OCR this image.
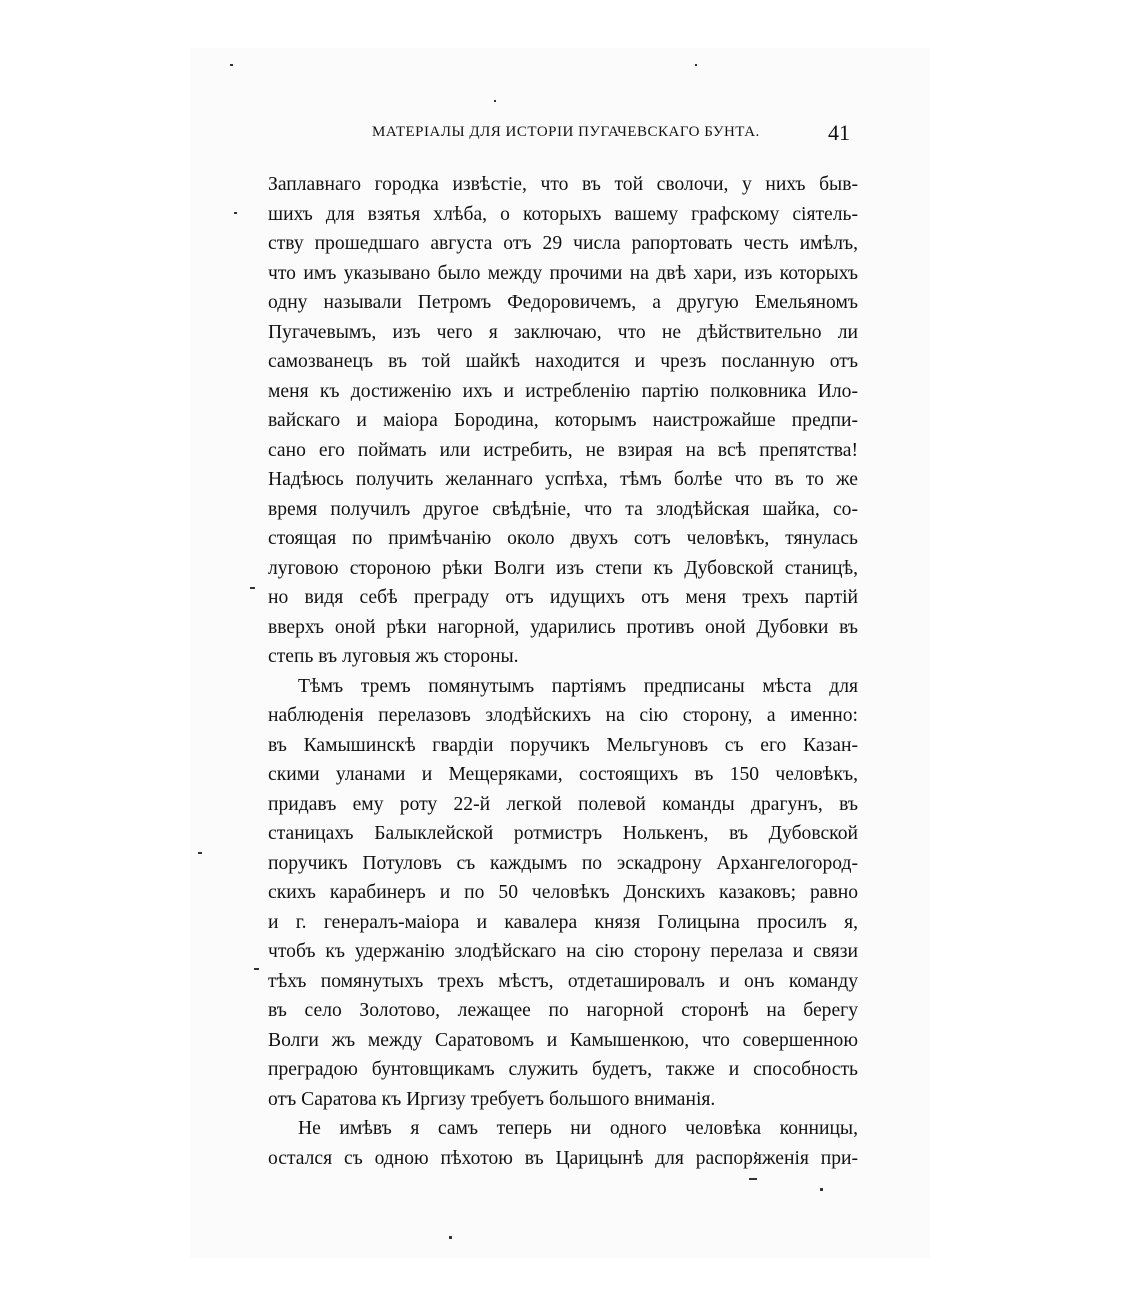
МАТЕРІАЛЫ ДЛЯ ИСТОРІИ ПУГАЧЕВСКАГО БУНТА.	41

Заплавнаго городка извѣстіе, что въ той сволочи, у нихъ быв-
шихъ для взятья хлѣба, о которыхъ вашему графскому сіятель-
ству прошедшаго августа отъ 29 числа рапортовать честь имѣлъ,
что имъ указывано было между прочими на двѣ хари, изъ которыхъ
одну называли Петромъ Федоровичемъ, а другую Емельяномъ
Пугачевымъ, изъ чего я заключаю, что не дѣйствительно ли
самозванецъ въ той шайкѣ находится и чрезъ посланную отъ
меня къ достиженію ихъ и истребленію партію полковника Ило-
вайскаго и маіора Бородина, которымъ наистрожайше предпи-
сано его поймать или истребить, не взирая на всѣ препятства!
Надѣюсь получить желаннаго успѣха, тѣмъ болѣе что въ то же
время получилъ другое свѣдѣніе, что та злодѣйская шайка, со-
стоящая по примѣчанію около двухъ сотъ человѣкъ, тянулась
луговою стороною рѣки Волги изъ степи къ Дубовской станицѣ,
но видя себѣ преграду отъ идущихъ отъ меня трехъ партій
вверхъ оной рѣки нагорной, ударились противъ оной Дубовки въ
степь въ луговыя жъ стороны.

Тѣмъ тремъ помянутымъ партіямъ предписаны мѣста для
наблюденія перелазовъ злодѣйскихъ на сію сторону, а именно:
въ Камышинскѣ гвардіи поручикъ Мельгуновъ съ его Казан-
скими уланами и Мещеряками, состоящихъ въ 150 человѣкъ,
придавъ ему роту 22-й легкой полевой команды драгунъ, въ
станицахъ Балыклейской ротмистръ Нолькенъ, въ Дубовской
поручикъ Потуловъ съ каждымъ по эскадрону Архангелогород-
скихъ карабинеръ и по 50 человѣкъ Донскихъ казаковъ; равно
и г. генералъ-маіора и кавалера князя Голицына просилъ я,
чтобъ къ удержанію злодѣйскаго на сію сторону перелаза и связи
тѣхъ помянутыхъ трехъ мѣстъ, отдеташировалъ и онъ команду
въ село Золотово, лежащее по нагорной сторонѣ на берегу
Волги жъ между Саратовомъ и Камышенкою, что совершенною
преградою бунтовщикамъ служить будетъ, также и способность
отъ Саратова къ Иргизу требуетъ большого вниманія.

Не имѣвъ я самъ теперь ни одного человѣка конницы,
остался съ одною пѣхотою въ Царицынѣ для распоряженія при-
